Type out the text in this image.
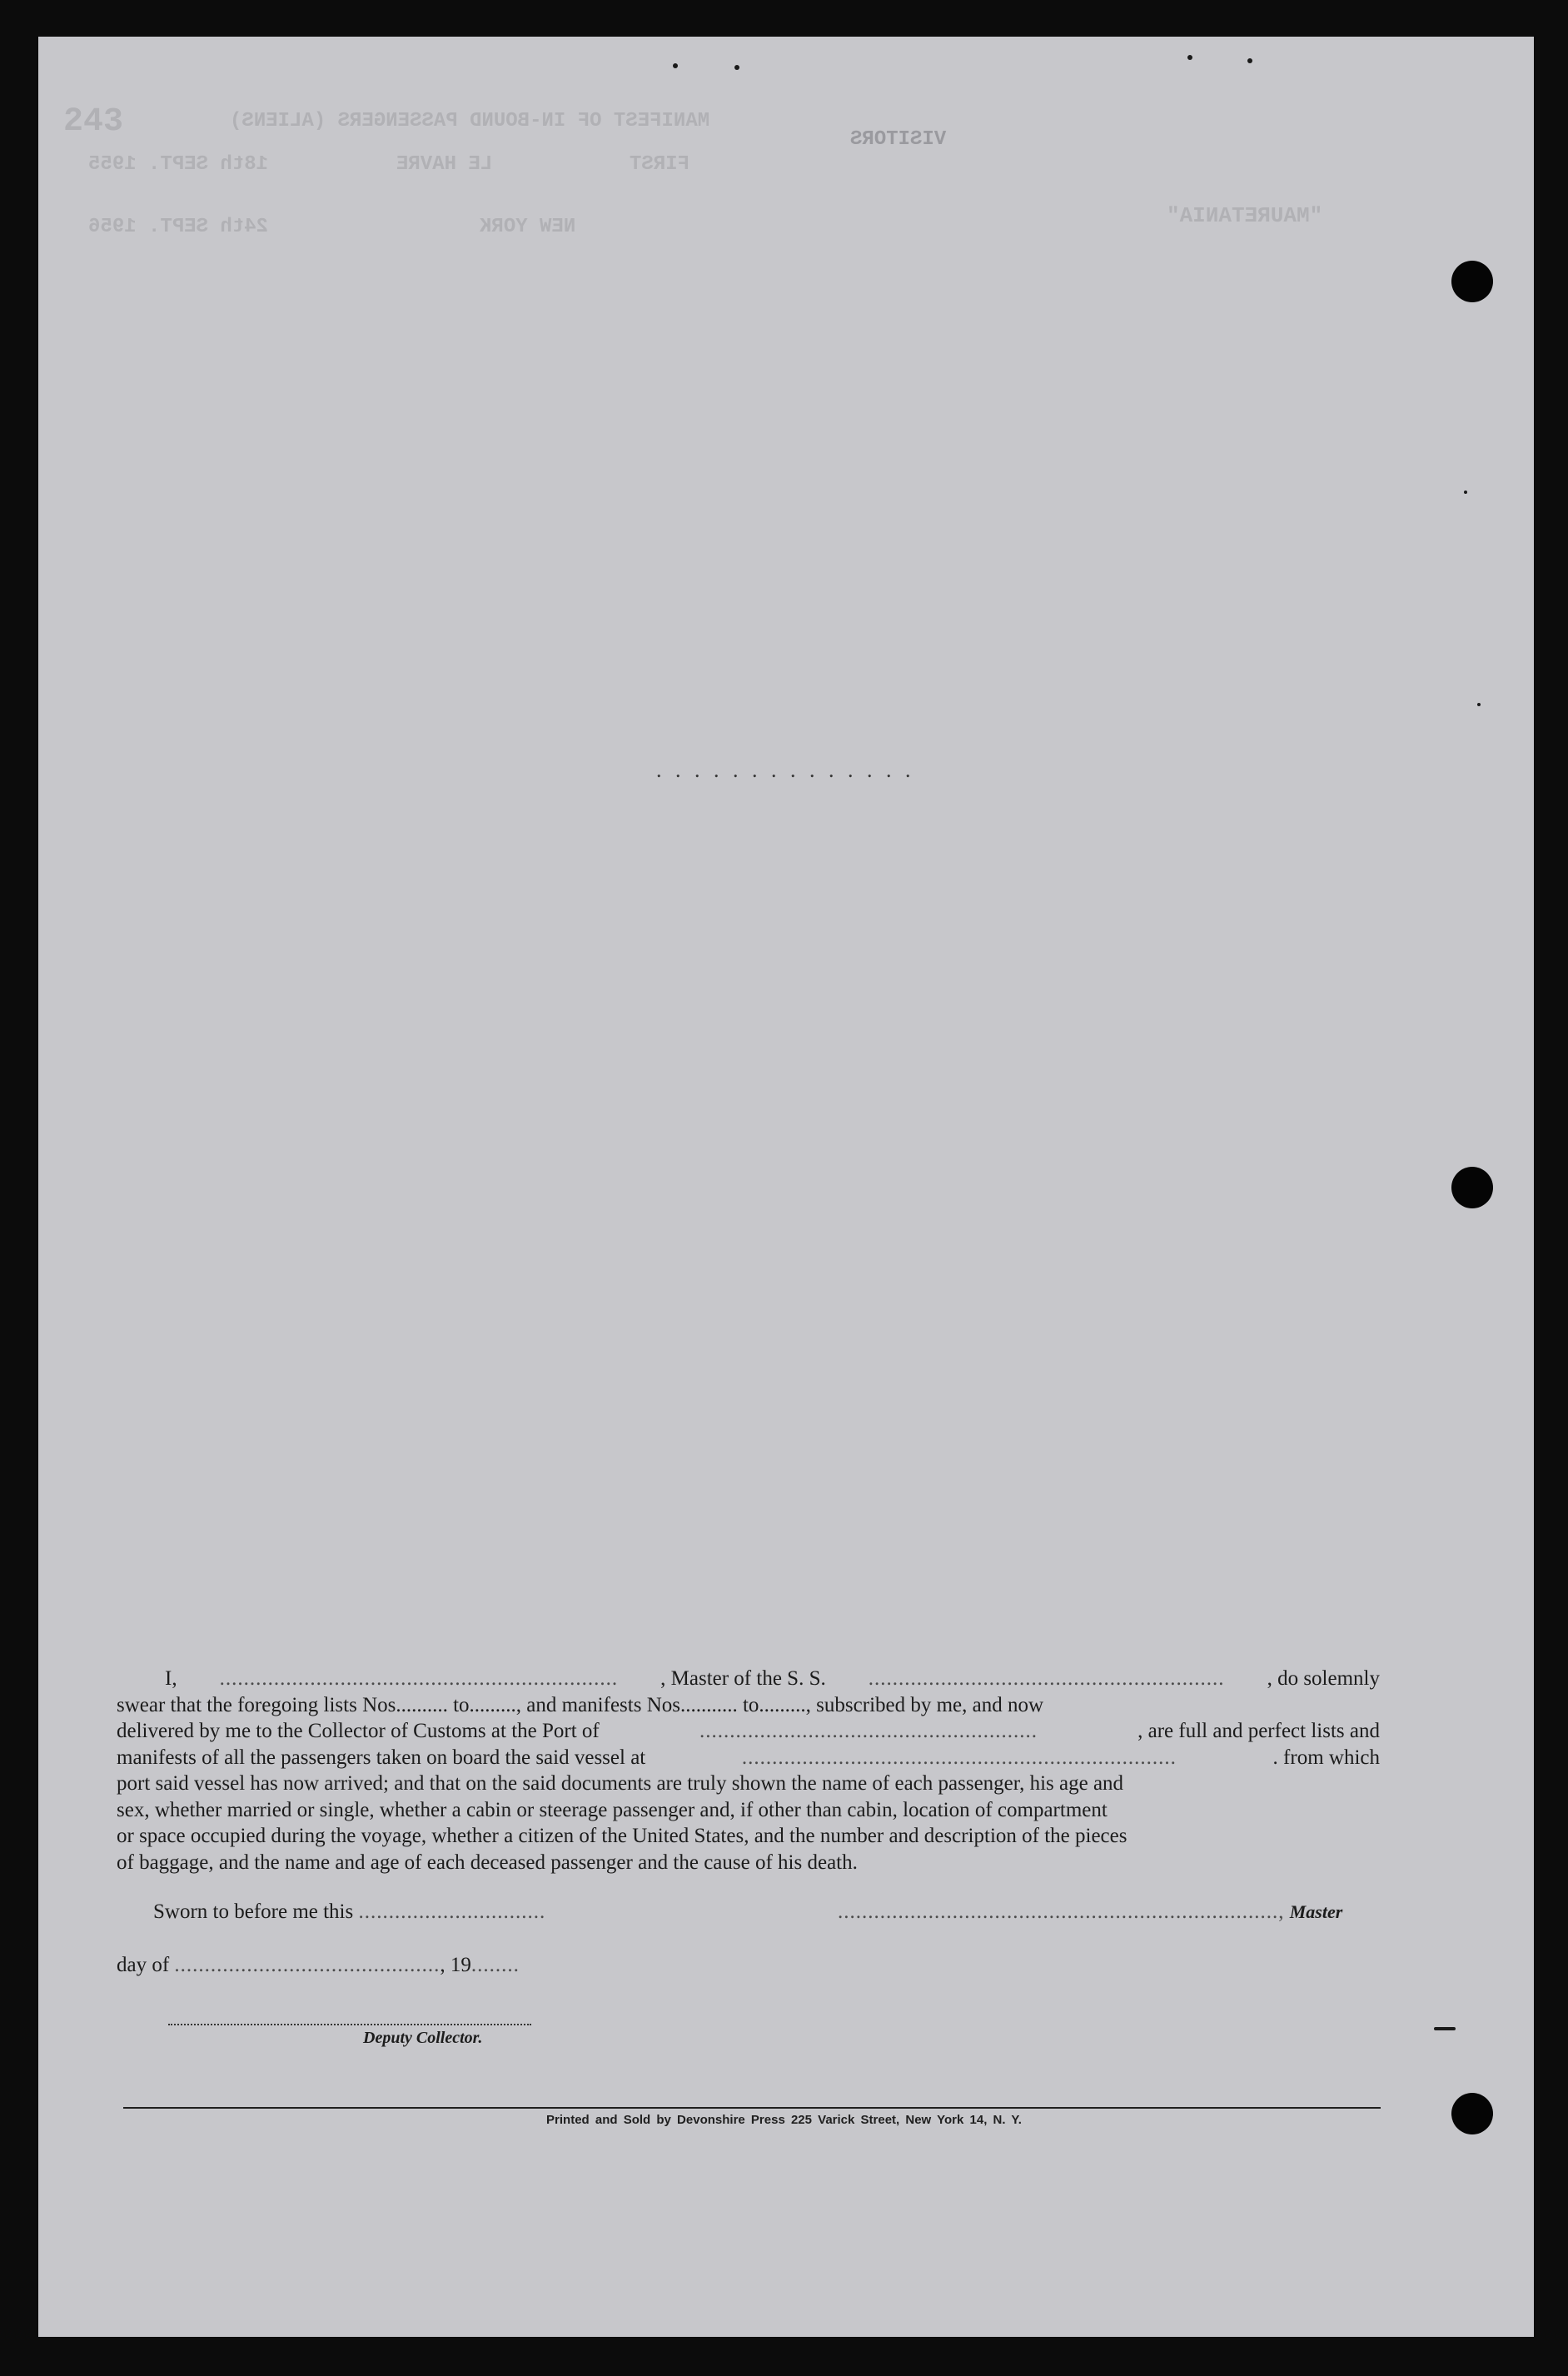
243	MANIFEST OF IN-BOUND PASSENGERS (ALIENS)
VISITORS
FIRST
LE HAVRE
18th SEPT. 1955
"MAURETANIA"
NEW YORK
24th SEPT. 1956
. . . . . . . . . . . . . .
I, .................................................................. , Master of the S. S. ........................................................... , do solemnly
swear that the foregoing lists Nos.......... to........., and manifests Nos........... to........., subscribed by me, and now
delivered by me to the Collector of Customs at the Port of	........................................................	, are full and perfect lists and
manifests of all the passengers taken on board the said vessel at	........................................................................	. from which
port said vessel has now arrived; and that on the said documents are truly shown the name of each passenger, his age and
sex, whether married or single, whether a cabin or steerage passenger and, if other than cabin, location of compartment
or space occupied during the voyage, whether a citizen of the United States, and the number and description of the pieces
of baggage, and the name and age of each deceased passenger and the cause of his death.
Sworn to before me this ...............................	........................................................................., Master
day of ............................................, 19........
Deputy Collector.
Printed and Sold by Devonshire Press 225 Varick Street, New York 14, N. Y.
